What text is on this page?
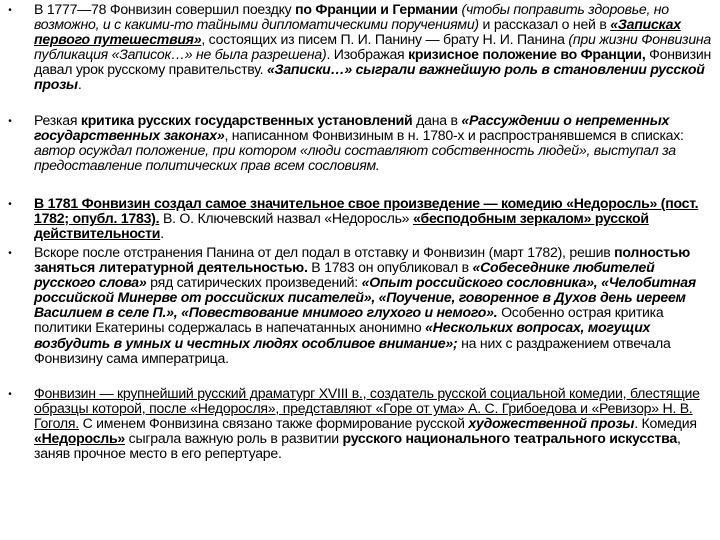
•	В 1777—78 Фонвизин совершил поездку по Франции и Германии (чтобы поправить здоровье, но возможно, и с какими-то тайными дипломатическими поручениями) и рассказал о ней в «Записках первого путешествия», состоящих из писем П. И. Панину — брату Н. И. Панина (при жизни Фонвизина публикация «Записок…» не была разрешена). Изображая кризисное положение во Франции, Фонвизин давал урок русскому правительству. «Записки…» сыграли важнейшую роль в становлении русской прозы.

•	Резкая критика русских государственных установлений дана в «Рассуждении о непременных государственных законах», написанном Фонвизиным в н. 1780-х и распространявшемся в списках: автор осуждал положение, при котором «люди составляют собственность людей», выступал за предоставление политических прав всем сословиям.

•	В 1781 Фонвизин создал самое значительное свое произведение — комедию «Недоросль» (пост. 1782; опубл. 1783). В. О. Ключевский назвал «Недоросль» «бесподобным зеркалом» русской действительности.

•	Вскоре после отстранения Панина от дел подал в отставку и Фонвизин (март 1782), решив полностью заняться литературной деятельностью. В 1783 он опубликовал в «Собеседнике любителей русского слова» ряд сатирических произведений: «Опыт российского сословника», «Челобитная российской Минерве от российских писателей», «Поучение, говоренное в Духов день иереем Василием в селе П.», «Повествование мнимого глухого и немого». Особенно острая критика политики Екатерины содержалась в напечатанных анонимно «Нескольких вопросах, могущих возбудить в умных и честных людях особливое внимание»; на них с раздражением отвечала Фонвизину сама императрица.

•	Фонвизин — крупнейший русский драматург XVIII в., создатель русской социальной комедии, блестящие образцы которой, после «Недоросля», представляют «Горе от ума» А. С. Грибоедова и «Ревизор» Н. В. Гоголя. С именем Фонвизина связано также формирование русской художественной прозы. Комедия «Недоросль» сыграла важную роль в развитии русского национального театрального искусства, заняв прочное место в его репертуаре.
